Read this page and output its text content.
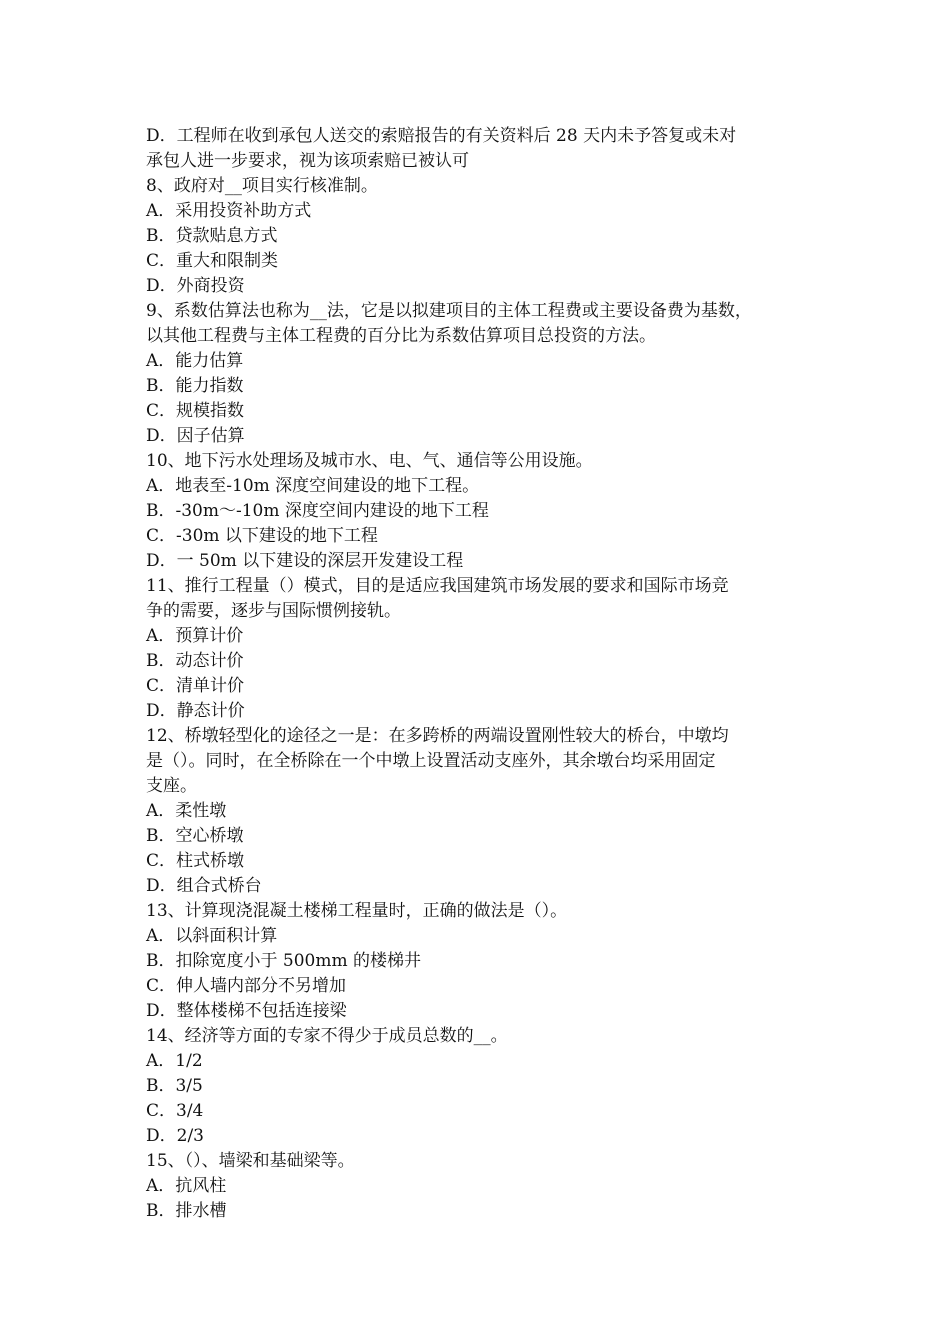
D．工程师在收到承包人送交的索赔报告的有关资料后 28 天内未予答复或未对
承包人进一步要求，视为该项索赔已被认可
8、政府对__项目实行核准制。
A．采用投资补助方式
B．贷款贴息方式
C．重大和限制类
D．外商投资
9、系数估算法也称为__法，它是以拟建项目的主体工程费或主要设备费为基数，
以其他工程费与主体工程费的百分比为系数估算项目总投资的方法。
A．能力估算
B．能力指数
C．规模指数
D．因子估算
10、地下污水处理场及城市水、电、气、通信等公用设施。
A．地表至-10m 深度空间建设的地下工程。
B．-30m～-10m 深度空间内建设的地下工程
C．-30m 以下建设的地下工程
D．一 50m 以下建设的深层开发建设工程
11、推行工程量（）模式，目的是适应我国建筑市场发展的要求和国际市场竞
争的需要，逐步与国际惯例接轨。
A．预算计价
B．动态计价
C．清单计价
D．静态计价
12、桥墩轻型化的途径之一是：在多跨桥的两端设置刚性较大的桥台，中墩均
是（）。同时，在全桥除在一个中墩上设置活动支座外，其余墩台均采用固定
支座。
A．柔性墩
B．空心桥墩
C．柱式桥墩
D．组合式桥台
13、计算现浇混凝土楼梯工程量时，正确的做法是（）。
A．以斜面积计算
B．扣除宽度小于 500mm 的楼梯井
C．伸人墙内部分不另增加
D．整体楼梯不包括连接梁
14、经济等方面的专家不得少于成员总数的__。
A．1/2
B．3/5
C．3/4
D．2/3
15、（）、墙梁和基础梁等。
A．抗风柱
B．排水槽
